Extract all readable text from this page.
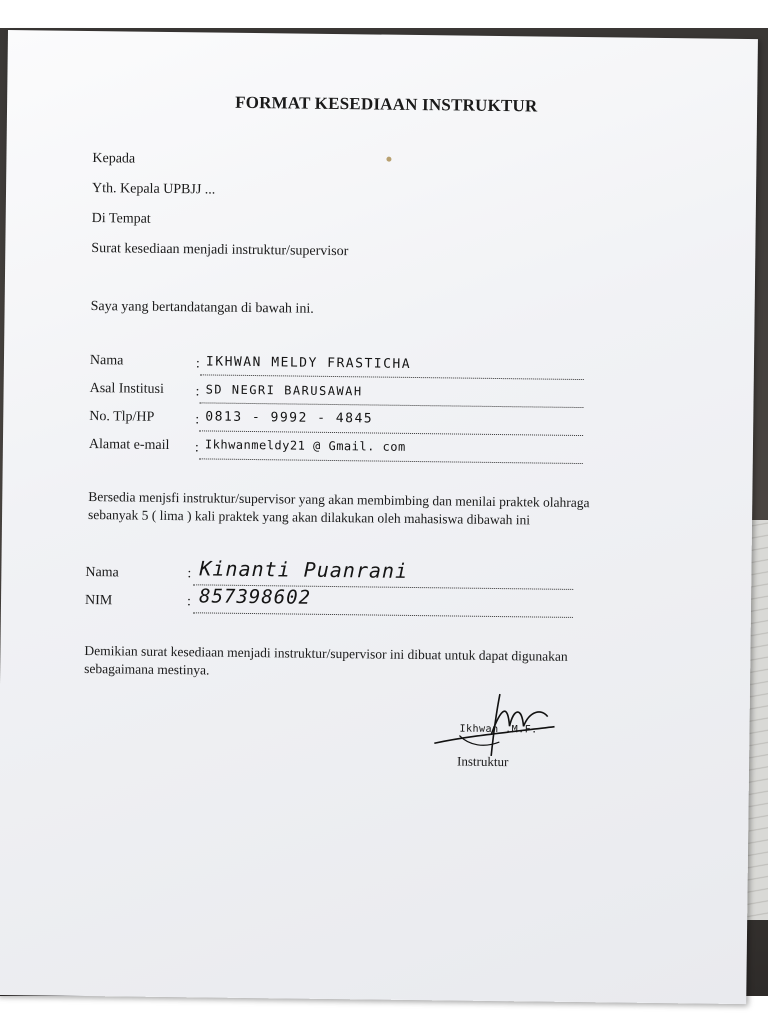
FORMAT KESEDIAAN INSTRUKTUR
Kepada
Yth. Kepala UPBJJ ...
Di Tempat
Surat kesediaan menjadi instruktur/supervisor
Saya yang bertandatangan di bawah ini.
Nama	: IKHWAN MELDY FRASTICHA
Asal Institusi : SD NEGRI BARUSAWAH
No. Tlp/HP	: 0813 - 9992 - 4845
Alamat e-mail : Ikhwanmeldy21 @ Gmail. com
Bersedia menjsfi instruktur/supervisor yang akan membimbing dan menilai praktek olahraga
sebanyak 5 ( lima ) kali praktek yang akan dilakukan oleh mahasiswa dibawah ini
Nama	: Kinanti Puanrani
NIM	: 857398602
Demikian surat kesediaan menjadi instruktur/supervisor ini dibuat untuk dapat digunakan
sebagaimana mestinya.
Ikhwan .M.F.
Instruktur
